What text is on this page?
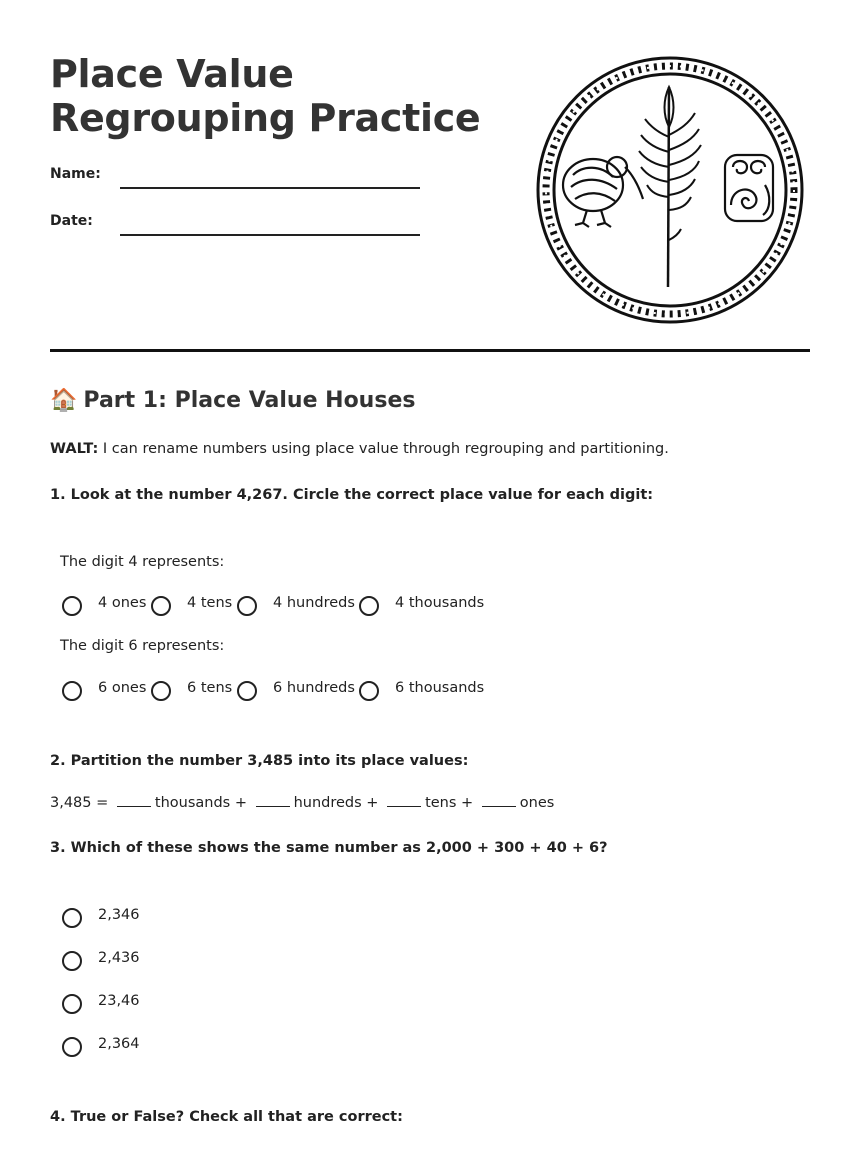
Place Value Regrouping Practice
Name:
Date:
🏠 Part 1: Place Value Houses
WALT: I can rename numbers using place value through regrouping and partitioning.
1. Look at the number 4,267. Circle the correct place value for each digit:
The digit 4 represents:
4 ones	4 tens	4 hundreds	4 thousands
The digit 6 represents:
6 ones	6 tens	6 hundreds	6 thousands
2. Partition the number 3,485 into its place values:
3,485 =	thousands +	hundreds +	tens +	ones
3. Which of these shows the same number as 2,000 + 300 + 40 + 6?
2,346
2,436
23,46
2,364
4. True or False? Check all that are correct:
